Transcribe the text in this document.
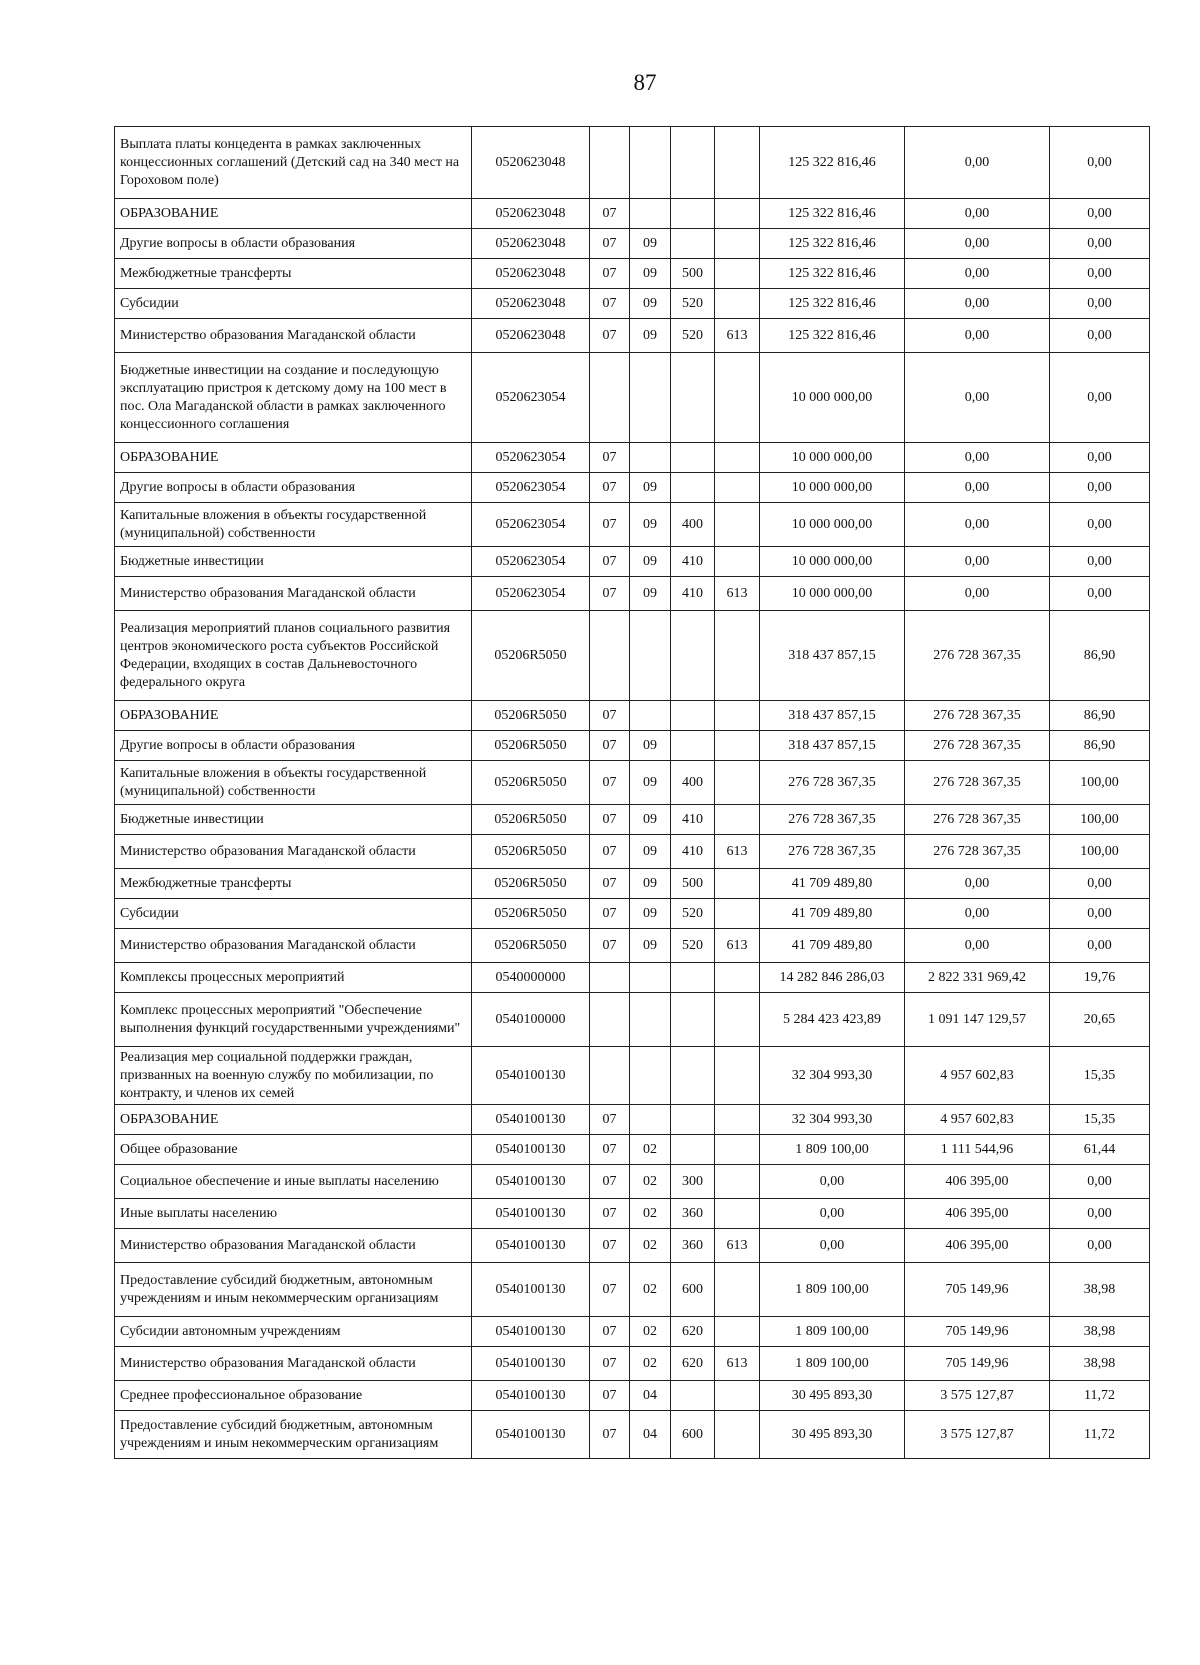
87
Выплата платы концедента в рамках заключенных концессионных соглашений (Детский сад на 340 мест на Гороховом поле)	0520623048					125 322 816,46	0,00	0,00
ОБРАЗОВАНИЕ	0520623048	07				125 322 816,46	0,00	0,00
Другие вопросы в области образования	0520623048	07	09			125 322 816,46	0,00	0,00
Межбюджетные трансферты	0520623048	07	09	500		125 322 816,46	0,00	0,00
Субсидии	0520623048	07	09	520		125 322 816,46	0,00	0,00
Министерство образования Магаданской области	0520623048	07	09	520	613	125 322 816,46	0,00	0,00
Бюджетные инвестиции на создание и последующую эксплуатацию пристроя к детскому дому на 100 мест в пос. Ола Магаданской области в рамках заключенного концессионного соглашения	0520623054					10 000 000,00	0,00	0,00
ОБРАЗОВАНИЕ	0520623054	07				10 000 000,00	0,00	0,00
Другие вопросы в области образования	0520623054	07	09			10 000 000,00	0,00	0,00
Капитальные вложения в объекты государственной (муниципальной) собственности	0520623054	07	09	400		10 000 000,00	0,00	0,00
Бюджетные инвестиции	0520623054	07	09	410		10 000 000,00	0,00	0,00
Министерство образования Магаданской области	0520623054	07	09	410	613	10 000 000,00	0,00	0,00
Реализация мероприятий планов социального развития центров экономического роста субъектов Российской Федерации, входящих в состав Дальневосточного федерального округа	05206R5050					318 437 857,15	276 728 367,35	86,90
ОБРАЗОВАНИЕ	05206R5050	07				318 437 857,15	276 728 367,35	86,90
Другие вопросы в области образования	05206R5050	07	09			318 437 857,15	276 728 367,35	86,90
Капитальные вложения в объекты государственной (муниципальной) собственности	05206R5050	07	09	400		276 728 367,35	276 728 367,35	100,00
Бюджетные инвестиции	05206R5050	07	09	410		276 728 367,35	276 728 367,35	100,00
Министерство образования Магаданской области	05206R5050	07	09	410	613	276 728 367,35	276 728 367,35	100,00
Межбюджетные трансферты	05206R5050	07	09	500		41 709 489,80	0,00	0,00
Субсидии	05206R5050	07	09	520		41 709 489,80	0,00	0,00
Министерство образования Магаданской области	05206R5050	07	09	520	613	41 709 489,80	0,00	0,00
Комплексы процессных мероприятий	0540000000					14 282 846 286,03	2 822 331 969,42	19,76
Комплекс процессных мероприятий "Обеспечение выполнения функций государственными учреждениями"	0540100000					5 284 423 423,89	1 091 147 129,57	20,65
Реализация мер социальной поддержки граждан, призванных на военную службу по мобилизации, по контракту, и членов их семей	0540100130					32 304 993,30	4 957 602,83	15,35
ОБРАЗОВАНИЕ	0540100130	07				32 304 993,30	4 957 602,83	15,35
Общее образование	0540100130	07	02			1 809 100,00	1 111 544,96	61,44
Социальное обеспечение и иные выплаты населению	0540100130	07	02	300		0,00	406 395,00	0,00
Иные выплаты населению	0540100130	07	02	360		0,00	406 395,00	0,00
Министерство образования Магаданской области	0540100130	07	02	360	613	0,00	406 395,00	0,00
Предоставление субсидий бюджетным, автономным учреждениям и иным некоммерческим организациям	0540100130	07	02	600		1 809 100,00	705 149,96	38,98
Субсидии автономным учреждениям	0540100130	07	02	620		1 809 100,00	705 149,96	38,98
Министерство образования Магаданской области	0540100130	07	02	620	613	1 809 100,00	705 149,96	38,98
Среднее профессиональное образование	0540100130	07	04			30 495 893,30	3 575 127,87	11,72
Предоставление субсидий бюджетным, автономным учреждениям и иным некоммерческим организациям	0540100130	07	04	600		30 495 893,30	3 575 127,87	11,72
